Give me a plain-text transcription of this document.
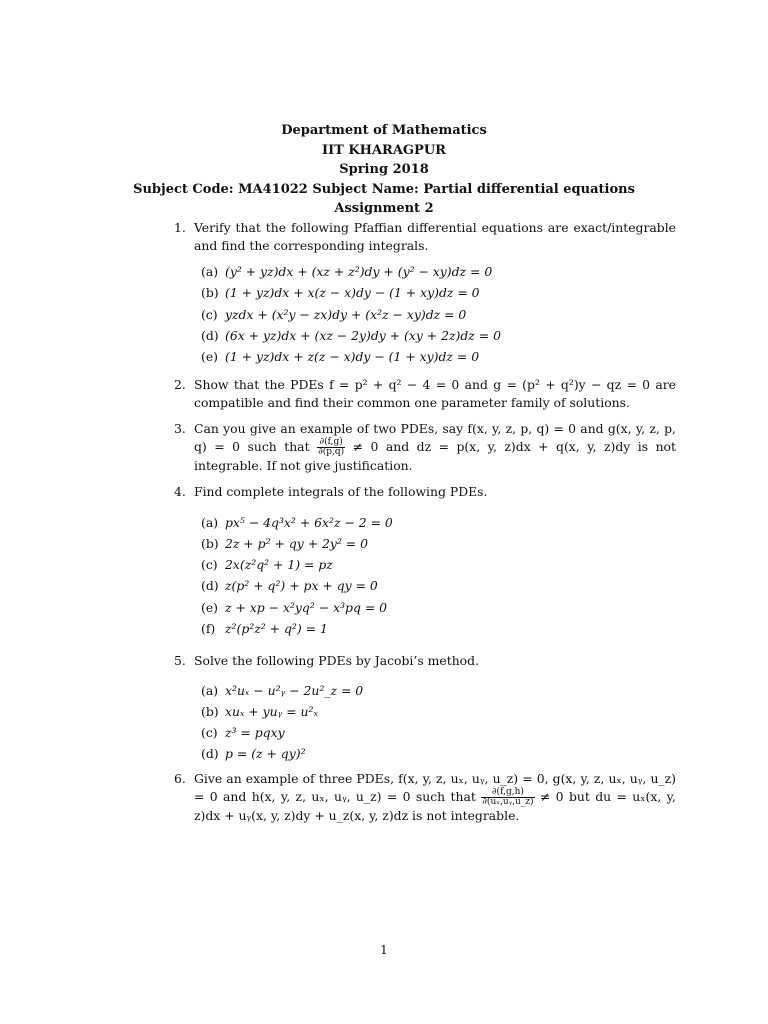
Department of Mathematics
IIT KHARAGPUR
Spring 2018
Subject Code: MA41022 Subject Name: Partial differential equations
Assignment 2
1. Verify that the following Pfaffian differential equations are exact/integrable and find the corresponding integrals.
(a) (y² + yz)dx + (xz + z²)dy + (y² − xy)dz = 0
(b) (1 + yz)dx + x(z − x)dy − (1 + xy)dz = 0
(c) yzdx + (x²y − zx)dy + (x²z − xy)dz = 0
(d) (6x + yz)dx + (xz − 2y)dy + (xy + 2z)dz = 0
(e) (1 + yz)dx + z(z − x)dy − (1 + xy)dz = 0
2. Show that the PDEs f = p² + q² − 4 = 0 and g = (p² + q²)y − qz = 0 are compatible and find their common one parameter family of solutions.
3. Can you give an example of two PDEs, say f(x, y, z, p, q) = 0 and g(x, y, z, p, q) = 0 such that $\frac{\partial(f,g)}{\partial(p,q)} \ne 0$ and dz = p(x, y, z)dx + q(x, y, z)dy is not integrable. If not give justification.
4. Find complete integrals of the following PDEs.
(a) px⁵ − 4q³x² + 6x²z − 2 = 0
(b) 2z + p² + qy + 2y² = 0
(c) 2x(z²q² + 1) = pz
(d) z(p² + q²) + px + qy = 0
(e) z + xp − x²yq² − x³pq = 0
(f) z²(p²z² + q²) = 1
5. Solve the following PDEs by Jacobi’s method.
(a) x²uₓ − u²ᵧ − 2u²_z = 0
(b) xuₓ + yuᵧ = u²ₓ
(c) z³ = pqxy
(d) p = (z + qy)²
6. Give an example of three PDEs, f(x, y, z, uₓ, uᵧ, u_z) = 0, g(x, y, z, uₓ, uᵧ, u_z) = 0 and h(x, y, z, uₓ, uᵧ, u_z) = 0 such that $\frac{\partial(f,g,h)}{\text{∂(uₓ,uᵧ,u\_z)}} \ne 0$ but du = uₓ(x, y, z)dx + uᵧ(x, y, z)dy + u_z(x, y, z)dz is not integrable.
1
